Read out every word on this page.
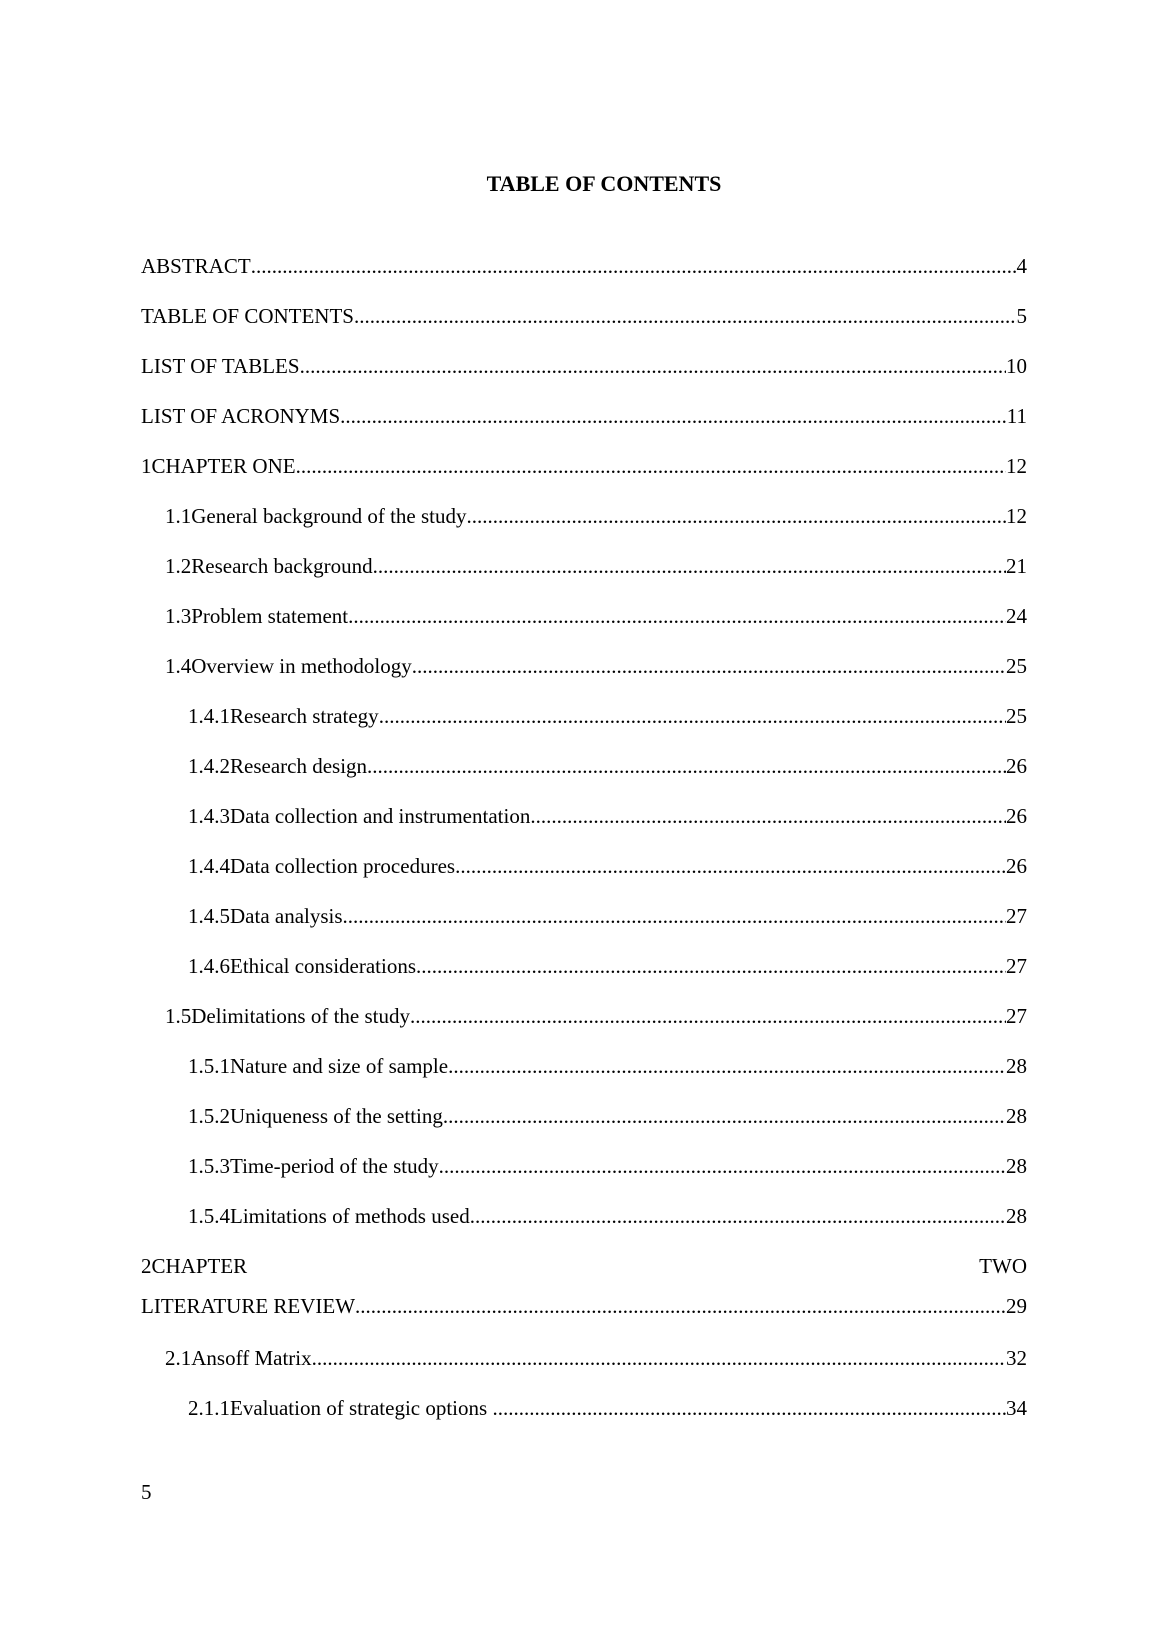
TABLE OF CONTENTS
ABSTRACT .....	4
TABLE OF CONTENTS .....	5
LIST OF TABLES .....	10
LIST OF ACRONYMS .....	11
1 CHAPTER ONE .....	12
1.1 General background of the study .....	12
1.2 Research background .....	21
1.3 Problem statement .....	24
1.4 Overview in methodology .....	25
1.4.1 Research strategy .....	25
1.4.2 Research design .....	26
1.4.3 Data collection and instrumentation .....	26
1.4.4 Data collection procedures .....	26
1.4.5 Data analysis .....	27
1.4.6 Ethical considerations .....	27
1.5 Delimitations of the study .....	27
1.5.1 Nature and size of sample .....	28
1.5.2 Uniqueness of the setting .....	28
1.5.3 Time-period of the study .....	28
1.5.4 Limitations of methods used .....	28
2CHAPTER	TWO
LITERATURE REVIEW .....	29
2.1 Ansoff Matrix .....	32
2.1.1 Evaluation of strategic options .....	34

5
